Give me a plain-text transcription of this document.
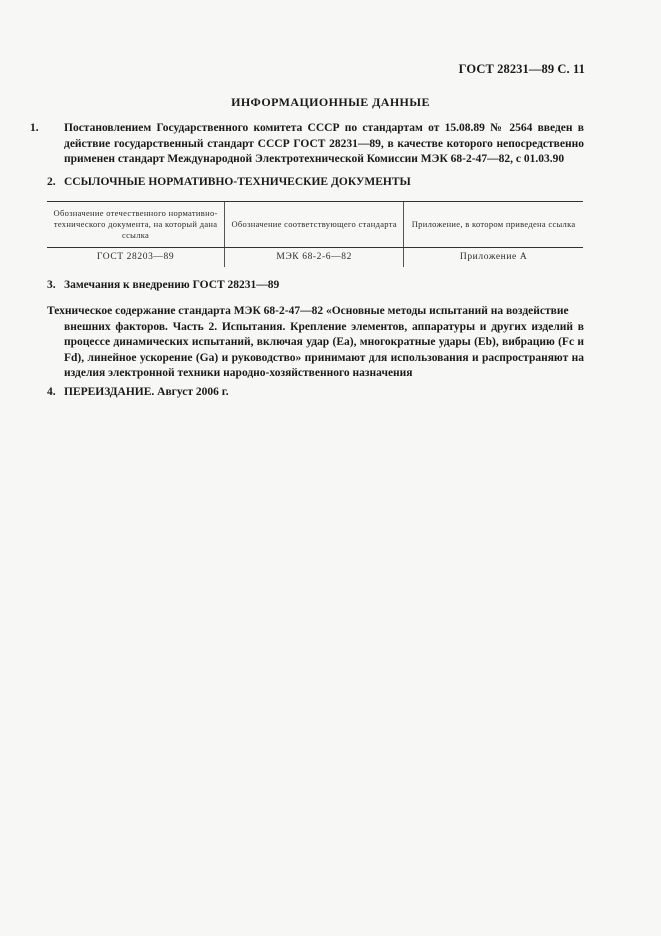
ГОСТ 28231—89 С. 11
ИНФОРМАЦИОННЫЕ ДАННЫЕ
1. Постановлением Государственного комитета СССР по стандартам от 15.08.89 № 2564 введен в действие государственный стандарт СССР ГОСТ 28231—89, в качестве которого непосредственно применен стандарт Международной Электротехнической Комиссии МЭК 68-2-47—82, с 01.03.90
2. ССЫЛОЧНЫЕ НОРМАТИВНО-ТЕХНИЧЕСКИЕ ДОКУМЕНТЫ
Обозначение отечественного нормативно-технического документа, на который дана ссылка	Обозначение соответствующего стандарта	Приложение, в котором приведена ссылка
ГОСТ 28203—89	МЭК 68-2-6—82	Приложение А
3. Замечания к внедрению ГОСТ 28231—89
Техническое содержание стандарта МЭК 68-2-47—82 «Основные методы испытаний на воздействие
внешних факторов. Часть 2. Испытания. Крепление элементов, аппаратуры и других изделий в процессе динамических испытаний, включая удар (Еа), многократные удары (Eb), вибрацию (Fc и Fd), линейное ускорение (Ga) и руководство» принимают для использования и распространяют на изделия электронной техники народно-хозяйственного назначения
4. ПЕРЕИЗДАНИЕ. Август 2006 г.
